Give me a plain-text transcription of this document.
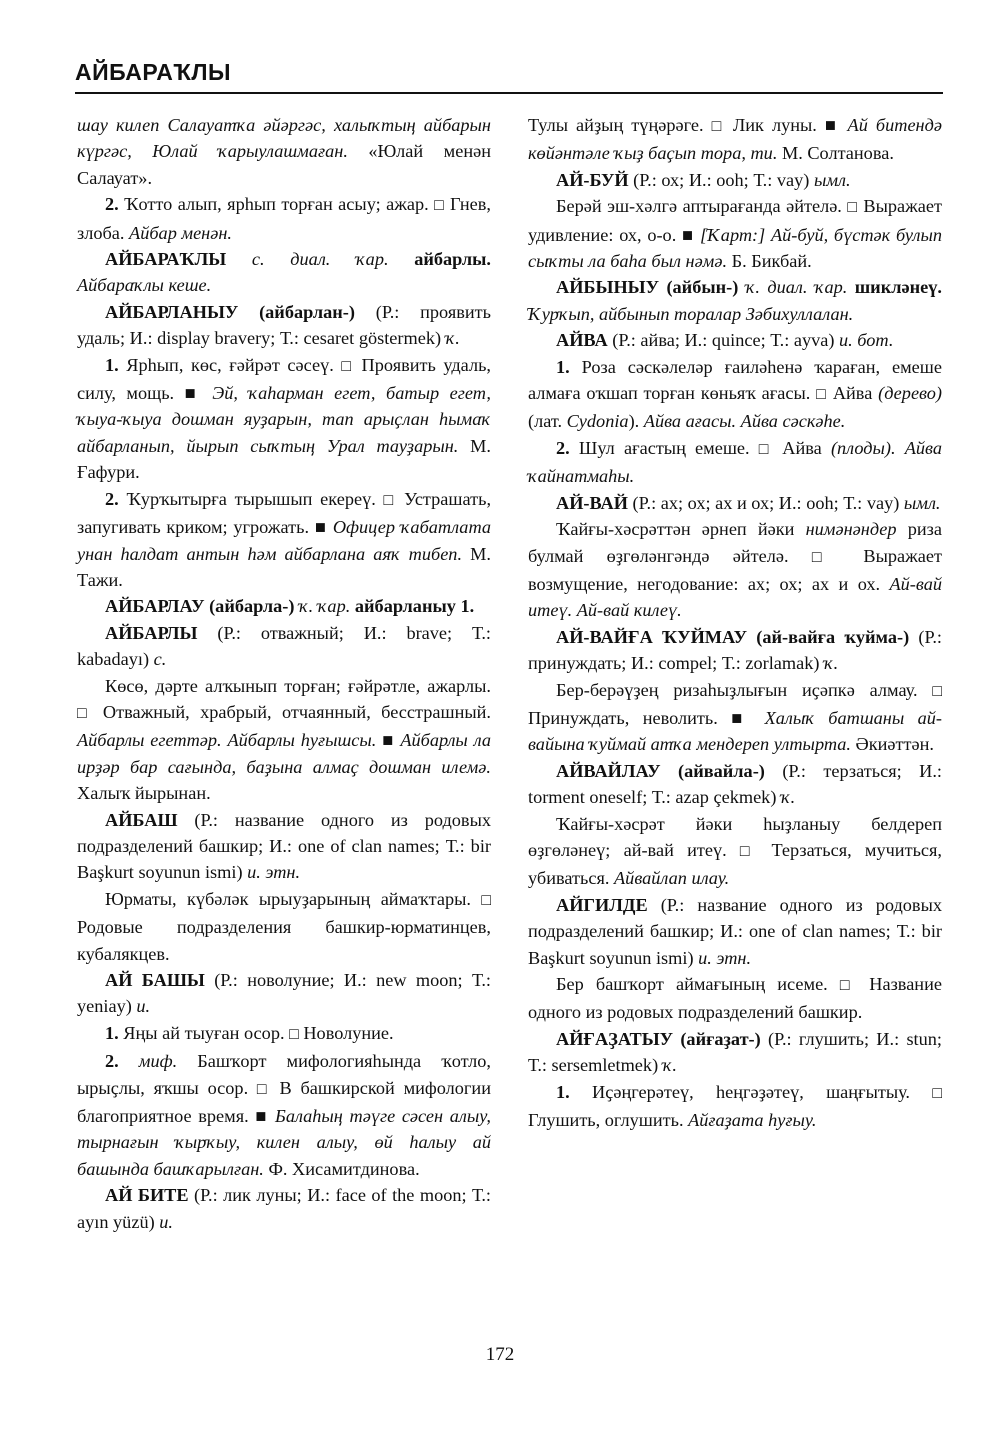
АЙБАРАҠЛЫ

шау килеп Салауатҡа әйәргәс, халыҡтың айбарын күргәс, Юлай ҡарыулашмаған. «Юлай менән Салауат».

2. Ҡотто алып, ярһып торған асыу; ажар. □ Гнев, злоба. Айбар менән.

АЙБАРАҠЛЫ с. диал. ҡар. айбарлы. Айбараҡлы кеше.

АЙБАРЛАНЫУ (айбарлан-) (Р.: проявить удаль; И.: display bravery; Т.: cesaret göstermek) ҡ.

1. Ярһып, көс, ғәйрәт сәсеү. □ Проявить удаль, силу, мощь. ■ Эй, ҡаһарман егет, батыр егет, ҡыуа-ҡыуа дошман яуҙарын, тап арыҫлан һымаҡ айбарланып, йырып сыҡтың Урал тауҙарын. М. Ғафури.

2. Ҡурҡытырға тырышып екереү. □ Устрашать, запугивать криком; угрожать. ■ Офицер ҡабатлата унан һалдат антын һәм айбарлана аяҡ тибеп. М. Тажи.

АЙБАРЛАУ (айбарла-) ҡ. ҡар. айбарланыу 1.

АЙБАРЛЫ (Р.: отважный; И.: brave; Т.: kabadayı) с.

Көсө, дәрте алҡынып торған; ғәйрәтле, ажарлы. □ Отважный, храбрый, отчаянный, бесстрашный. Айбарлы егеттәр. Айбарлы һуғышсы. ■ Айбарлы ла ирҙәр бар сағында, баҙына алмаҫ дошман илемә. Халыҡ йырынан.

АЙБАШ (Р.: название одного из родовых подразделений башкир; И.: one of clan names; Т.: bir Başkurt soyunun ismi) и. этн.

Юрматы, күбәләк ырыуҙарының аймаҡтары. □ Родовые подразделения башкир-юрматинцев, кубалякцев.

АЙ БАШЫ (Р.: новолуние; И.: new moon; Т.: yeniay) и.

1. Яңы ай тыуған осор. □ Новолуние.

2. миф. Башҡорт мифологияһында ҡотло, ырыҫлы, яҡшы осор. □ В башкирской мифологии благоприятное время. ■ Балаһың тәүге сәсен алыу, тырнағын ҡырҡыу, килен алыу, өй һалыу ай башында башҡарылған. Ф. Хисамитдинова.

АЙ БИТЕ (Р.: лик луны; И.: face of the moon; Т.: ayın yüzü) и.

Тулы айҙың түңәрәге. □ Лик луны. ■ Ай битендә көйәнтәле ҡыҙ баҫып тора, ти. М. Солтанова.

АЙ-БУЙ (Р.: ох; И.: ooh; Т.: vay) ымл.

Берәй эш-хәлгә аптырағанда әйтелә. □ Выражает удивление: ох, о-о. ■ [Ҡарт:] Ай-буй, бүстәк булып сыҡты ла баһа был нәмә. Б. Бикбай.

АЙБЫНЫУ (айбын-) ҡ. диал. ҡар. шикләнеү. Ҡурҡып, айбынып торалар Зәбихуллалан.

АЙВА (Р.: айва; И.: quince; Т.: ayva) и. бот.

1. Роза сәскәлеләр ғаиләһенә ҡараған, емеше алмаға оҡшап торған көньяҡ ағасы. □ Айва (дерево) (лат. Cydonia). Айва ағасы. Айва сәскәһе.

2. Шул ағастың емеше. □ Айва (плоды). Айва ҡайнатмаһы.

АЙ-ВАЙ (Р.: ах; ох; ах и ох; И.: ooh; Т.: vay) ымл.

Ҡайғы-хәсрәттән әрнеп йәки нимәнәндер риза булмай өҙгөләнгәндә әйтелә. □ Выражает возмущение, негодование: ах; ох; ах и ох. Ай-вай итеү. Ай-вай килеү.

АЙ-ВАЙҒА ҠУЙМАУ (ай-вайға ҡуйма-) (Р.: принуждать; И.: compel; Т.: zorlamak) ҡ.

Бер-берәүҙең ризаһыҙлығын иҫәпкә алмау. □ Принуждать, неволить. ■ Халыҡ батшаны ай-вайына ҡуймай атҡа мендереп ултырта. Әкиәттән.

АЙВАЙЛАУ (айвайла-) (Р.: терзаться; И.: torment oneself; Т.: azap çekmek) ҡ.

Ҡайғы-хәсрәт йәки һыҙланыу белдереп өҙгөләнеү; ай-вай итеү. □ Терзаться, мучиться, убиваться. Айвайлап илау.

АЙГИЛДЕ (Р.: название одного из родовых подразделений башкир; И.: one of clan names; Т.: bir Başkurt soyunun ismi) и. этн.

Бер башҡорт аймағының исеме. □ Название одного из родовых подразделений башкир.

АЙҒАҘАТЫУ (айғаҙат-) (Р.: глушить; И.: stun; Т.: sersemletmek) ҡ.

1. Иҫәңгерәтеү, һеңгәҙәтеү, шаңғытыу. □ Глушить, оглушить. Айғаҙата һуғыу.

172
